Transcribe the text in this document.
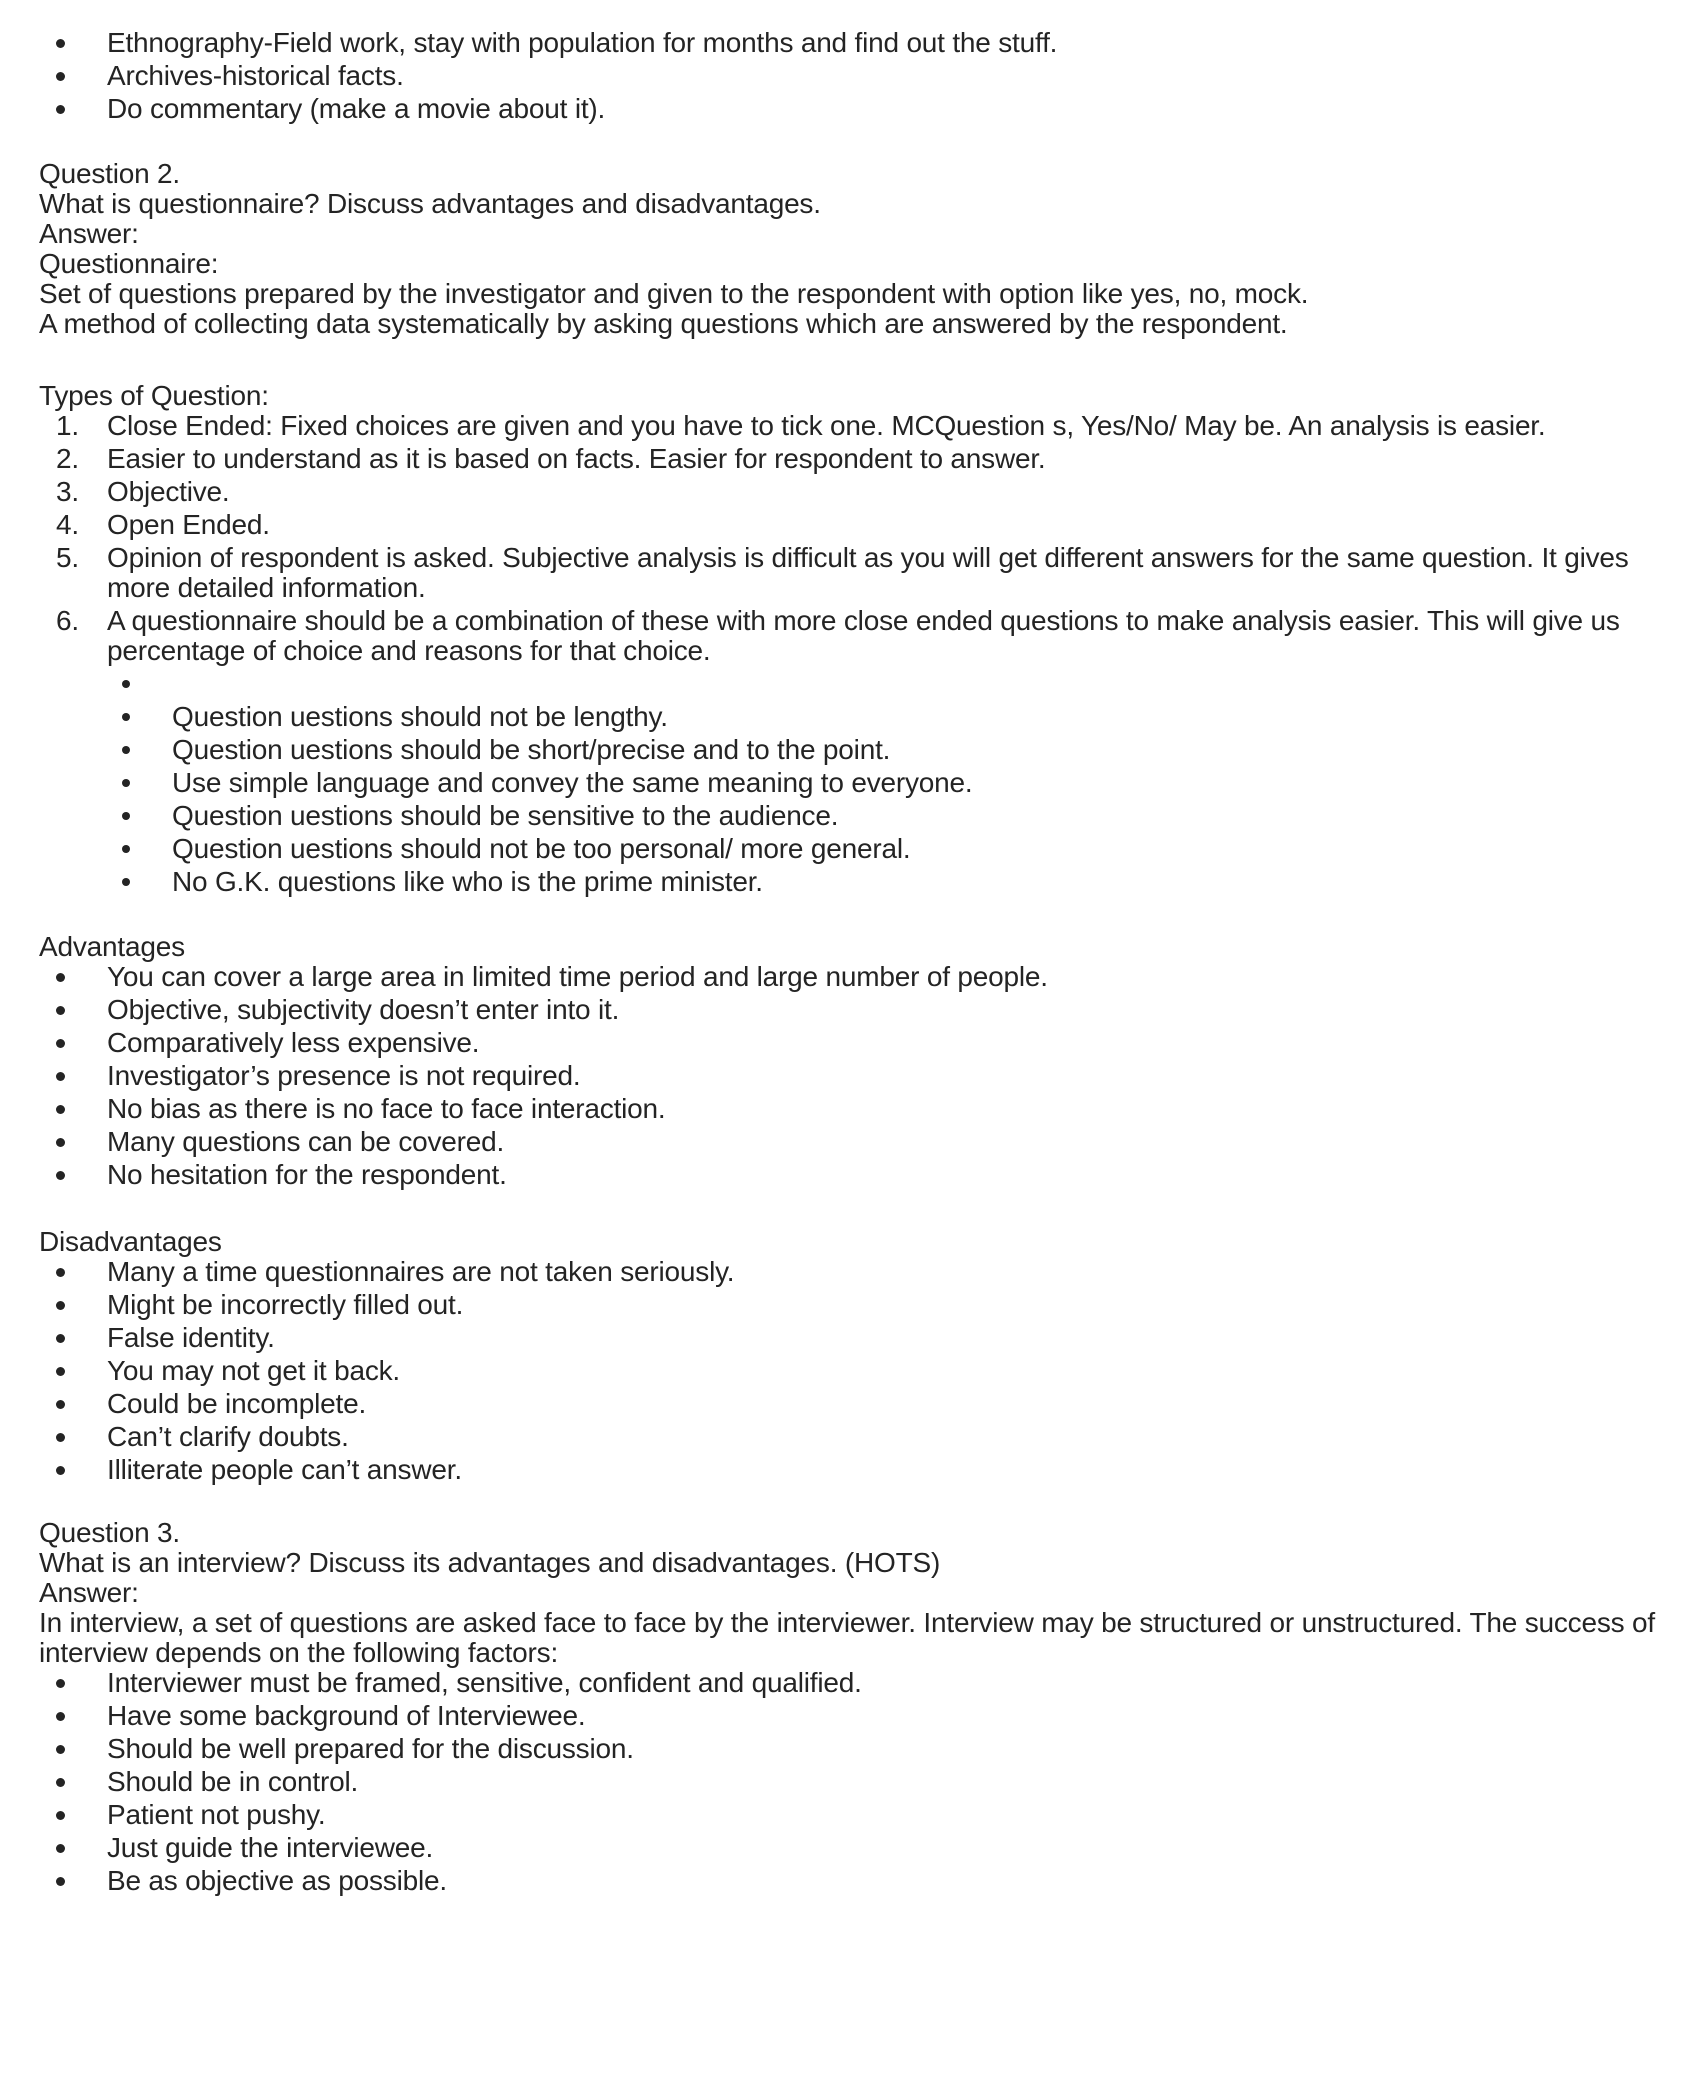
Ethnography-Field work, stay with population for months and find out the stuff.
Archives-historical facts.
Do commentary (make a movie about it).
Question 2.
What is questionnaire? Discuss advantages and disadvantages.
Answer:
Questionnaire:
Set of questions prepared by the investigator and given to the respondent with option like yes, no, mock.
A method of collecting data systematically by asking questions which are answered by the respondent.
Types of Question:
Close Ended: Fixed choices are given and you have to tick one. MCQuestion s, Yes/No/ May be. An analysis is easier.
Easier to understand as it is based on facts. Easier for respondent to answer.
Objective.
Open Ended.
Opinion of respondent is asked. Subjective analysis is difficult as you will get different answers for the same question. It gives more detailed information.
A questionnaire should be a combination of these with more close ended questions to make analysis easier. This will give us percentage of choice and reasons for that choice.
Question uestions should not be lengthy.
Question uestions should be short/precise and to the point.
Use simple language and convey the same meaning to everyone.
Question uestions should be sensitive to the audience.
Question uestions should not be too personal/ more general.
No G.K. questions like who is the prime minister.
Advantages
You can cover a large area in limited time period and large number of people.
Objective, subjectivity doesn’t enter into it.
Comparatively less expensive.
Investigator’s presence is not required.
No bias as there is no face to face interaction.
Many questions can be covered.
No hesitation for the respondent.
Disadvantages
Many a time questionnaires are not taken seriously.
Might be incorrectly filled out.
False identity.
You may not get it back.
Could be incomplete.
Can’t clarify doubts.
Illiterate people can’t answer.
Question 3.
What is an interview? Discuss its advantages and disadvantages. (HOTS)
Answer:
In interview, a set of questions are asked face to face by the interviewer. Interview may be structured or unstructured. The success of interview depends on the following factors:
Interviewer must be framed, sensitive, confident and qualified.
Have some background of Interviewee.
Should be well prepared for the discussion.
Should be in control.
Patient not pushy.
Just guide the interviewee.
Be as objective as possible.
